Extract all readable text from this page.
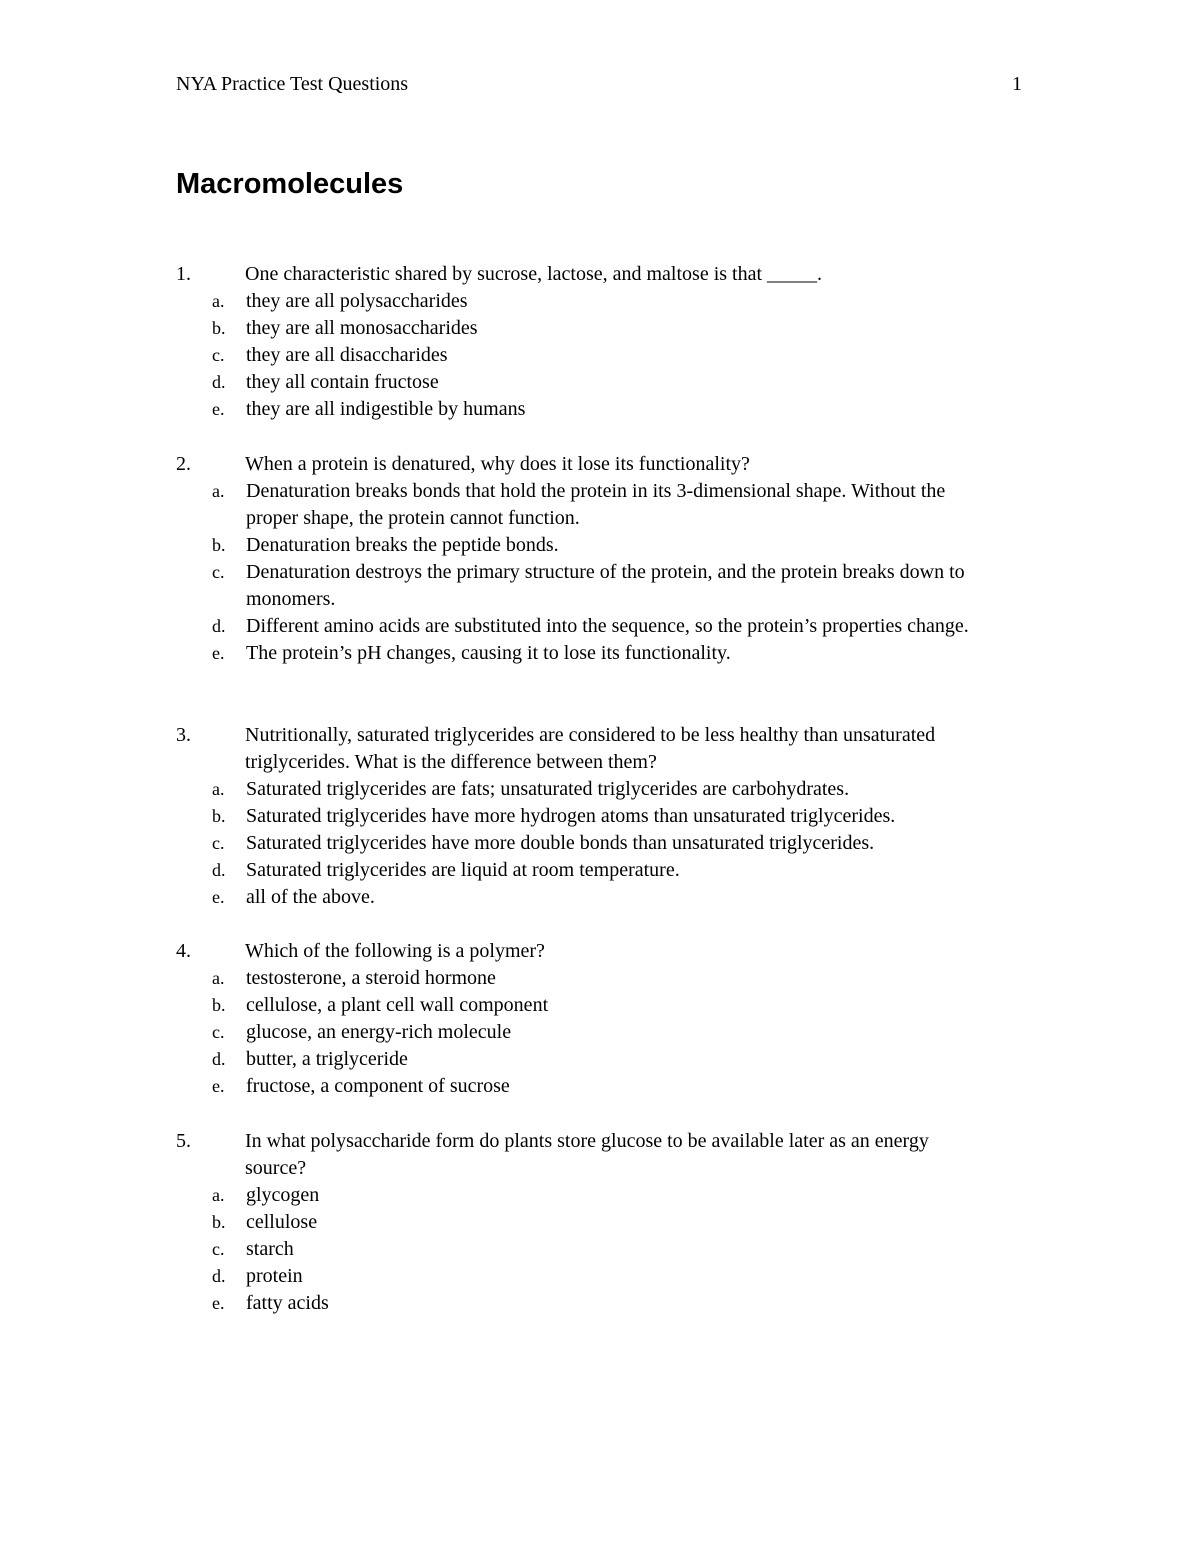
NYA Practice Test Questions	1
Macromolecules
1.	One characteristic shared by sucrose, lactose, and maltose is that _____.
a. they are all polysaccharides
b. they are all monosaccharides
c. they are all disaccharides
d. they all contain fructose
e. they are all indigestible by humans
2.	When a protein is denatured, why does it lose its functionality?
a. Denaturation breaks bonds that hold the protein in its 3-dimensional shape. Without the proper shape, the protein cannot function.
b. Denaturation breaks the peptide bonds.
c. Denaturation destroys the primary structure of the protein, and the protein breaks down to monomers.
d. Different amino acids are substituted into the sequence, so the protein’s properties change.
e. The protein’s pH changes, causing it to lose its functionality.
3.	Nutritionally, saturated triglycerides are considered to be less healthy than unsaturated triglycerides. What is the difference between them?
a. Saturated triglycerides are fats; unsaturated triglycerides are carbohydrates.
b. Saturated triglycerides have more hydrogen atoms than unsaturated triglycerides.
c. Saturated triglycerides have more double bonds than unsaturated triglycerides.
d. Saturated triglycerides are liquid at room temperature.
e. all of the above.
4.	Which of the following is a polymer?
a. testosterone, a steroid hormone
b. cellulose, a plant cell wall component
c. glucose, an energy-rich molecule
d. butter, a triglyceride
e. fructose, a component of sucrose
5.	In what polysaccharide form do plants store glucose to be available later as an energy source?
a. glycogen
b. cellulose
c. starch
d. protein
e. fatty acids
